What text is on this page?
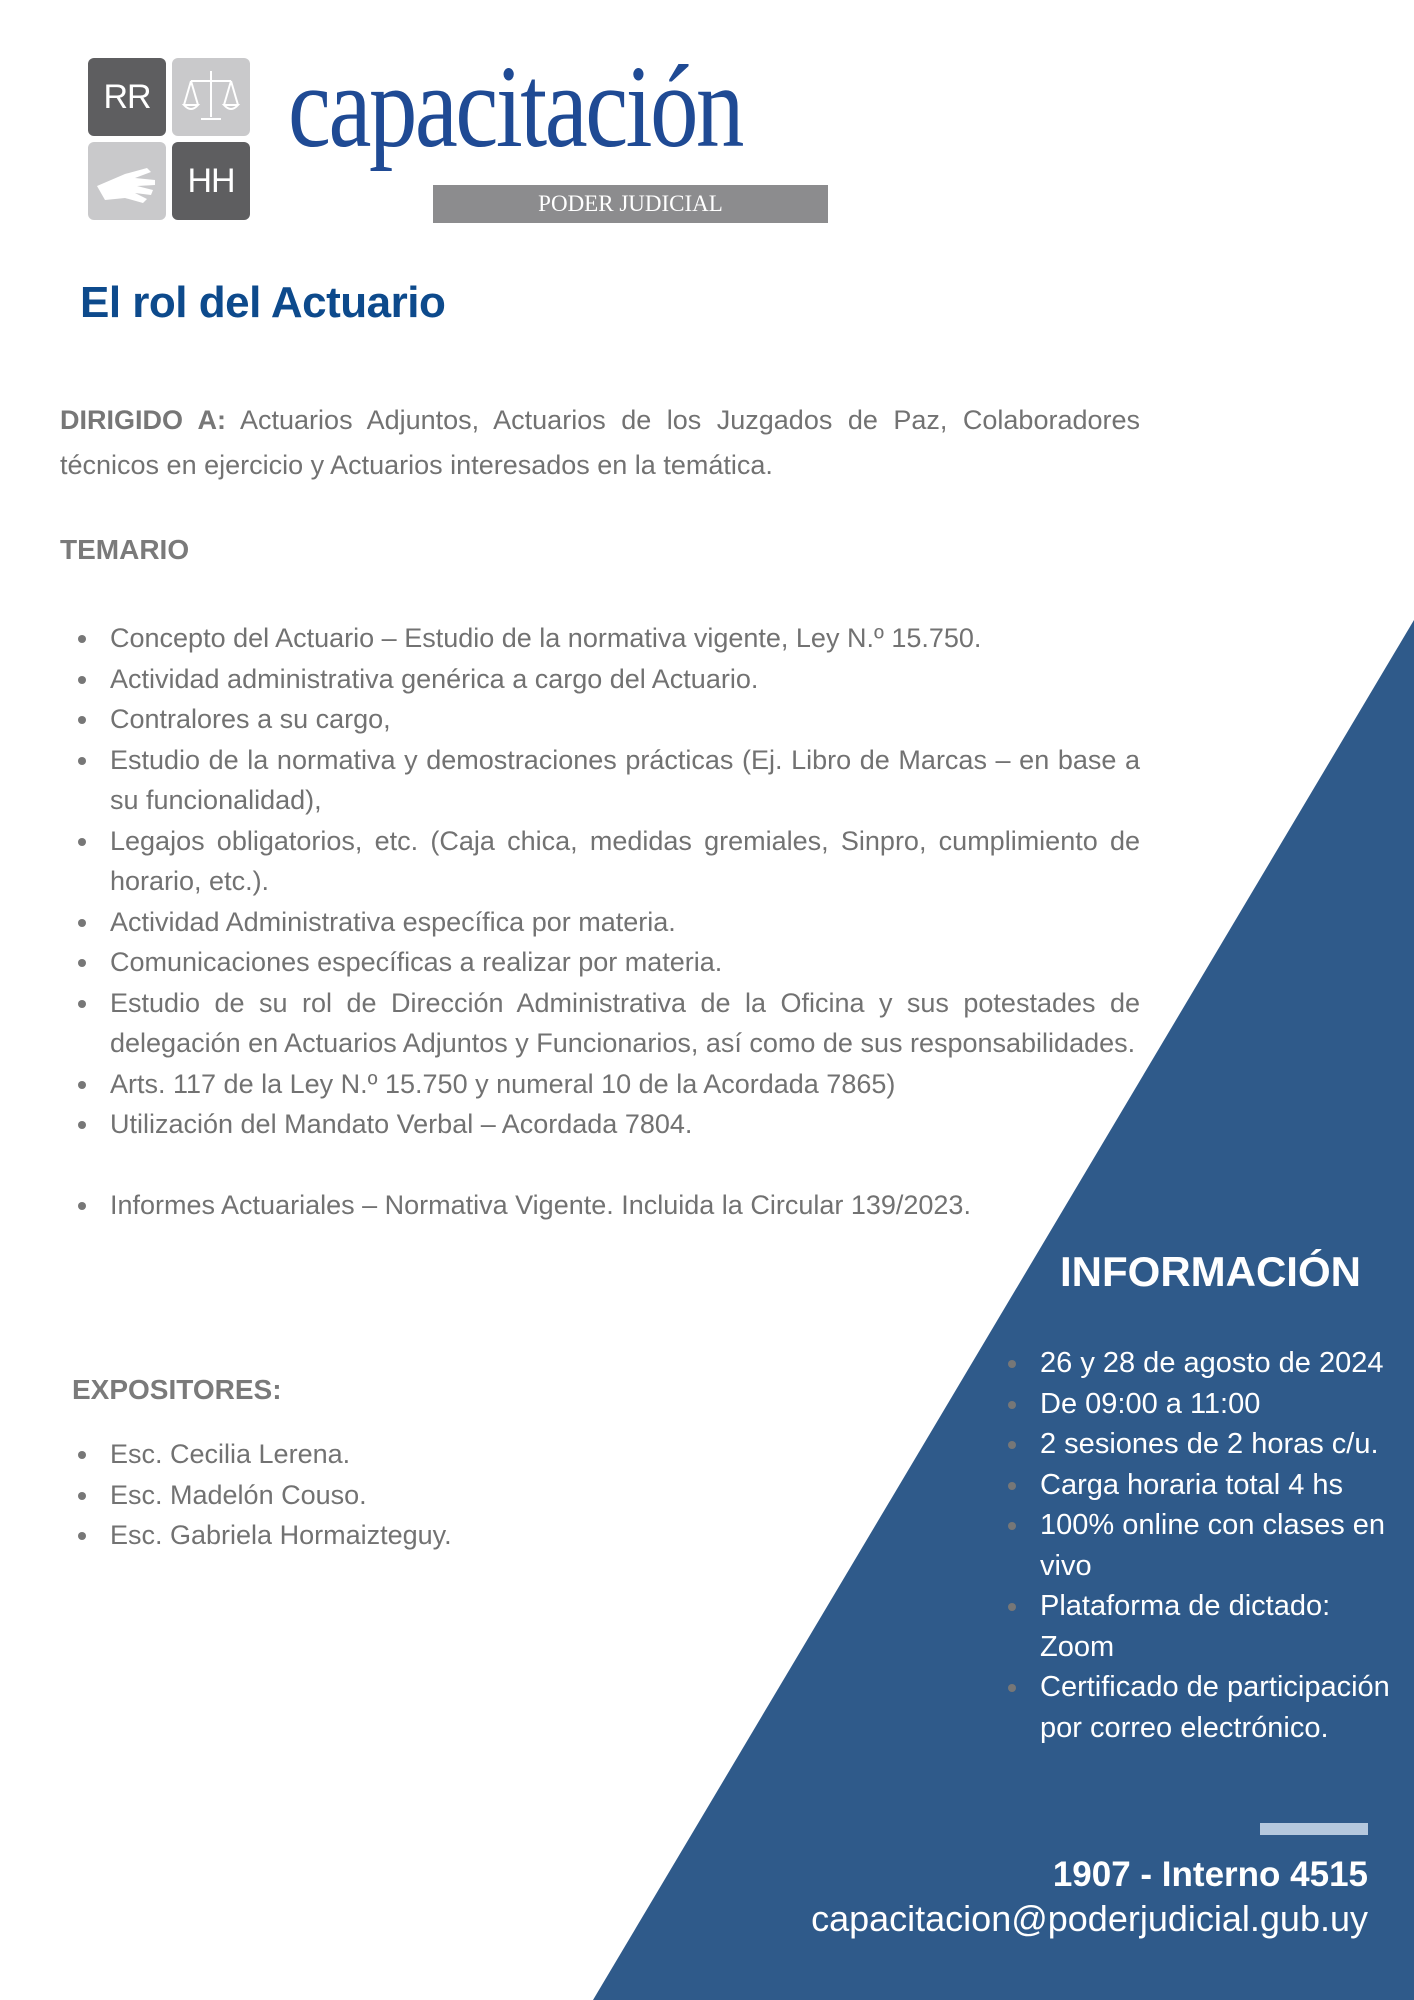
RR
HH
capacitación
PODER JUDICIAL
El rol del Actuario
DIRIGIDO A: Actuarios Adjuntos, Actuarios de los Juzgados de Paz, Colaboradores técnicos en ejercicio y Actuarios interesados en la temática.
TEMARIO
Concepto del Actuario – Estudio de la normativa vigente, Ley N.º 15.750.
Actividad administrativa genérica a cargo del Actuario.
Contralores a su cargo,
Estudio de la normativa y demostraciones prácticas (Ej. Libro de Marcas – en base a su funcionalidad),
Legajos obligatorios, etc. (Caja chica, medidas gremiales, Sinpro, cumplimiento de horario, etc.).
Actividad Administrativa específica por materia.
Comunicaciones específicas a realizar por materia.
Estudio de su rol de Dirección Administrativa de la Oficina y sus potestades de delegación en Actuarios Adjuntos y Funcionarios, así como de sus responsabilidades.
Arts. 117 de la Ley N.º 15.750 y numeral 10 de la Acordada 7865)
Utilización del Mandato Verbal – Acordada 7804.
Informes Actuariales – Normativa Vigente. Incluida la Circular 139/2023.
EXPOSITORES:
Esc. Cecilia Lerena.
Esc. Madelón Couso.
Esc. Gabriela Hormaizteguy.
INFORMACIÓN
26 y 28 de agosto de 2024
De 09:00 a 11:00
2 sesiones de 2 horas c/u.
Carga horaria total 4 hs
100% online con clases en vivo
Plataforma de dictado: Zoom
Certificado de participación por correo electrónico.
1907 - Interno 4515
capacitacion@poderjudicial.gub.uy
